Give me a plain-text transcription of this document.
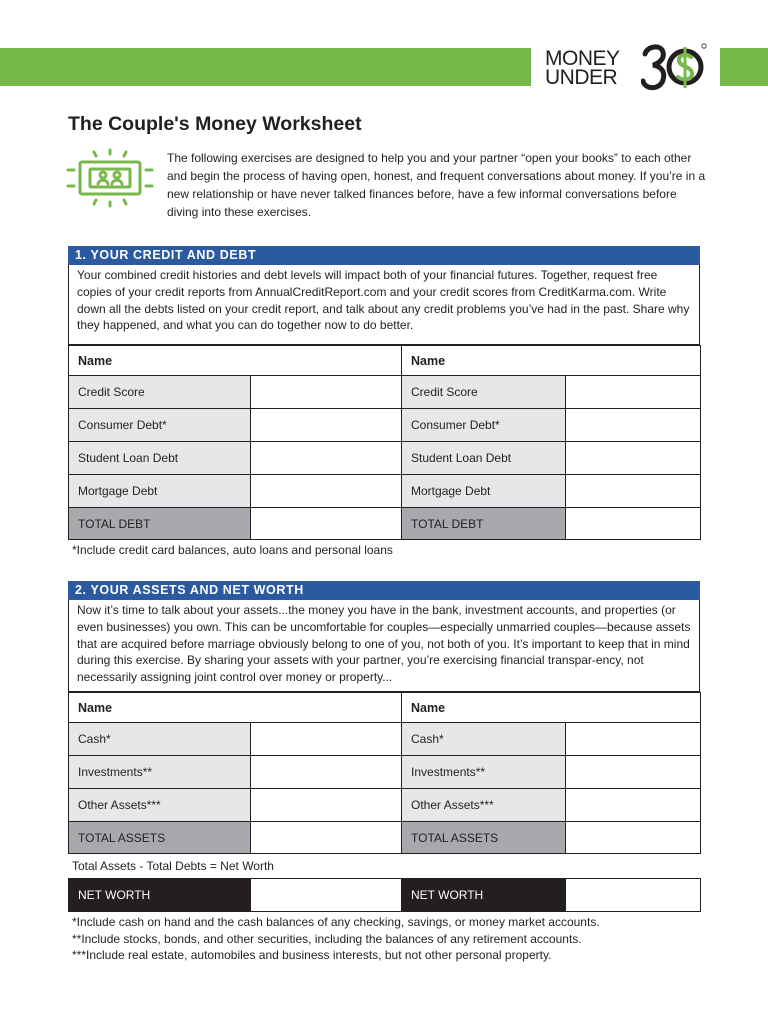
MONEY
UNDER
The Couple's Money Worksheet
The following exercises are designed to help you and your partner “open your books” to each other and begin the process of having open, honest, and frequent conversations about money. If you’re in a new relationship or have never talked finances before, have a few informal conversations before diving into these exercises.
1. YOUR CREDIT AND DEBT
Your combined credit histories and debt levels will impact both of your financial futures. Together, request free copies of your credit reports from AnnualCreditReport.com and your credit scores from CreditKarma.com. Write down all the debts listed on your credit report, and talk about any credit problems you’ve had in the past. Share why they happened, and what you can do together now to do better.
Name		Name	
Credit Score		Credit Score	
Consumer Debt*		Consumer Debt*	
Student Loan Debt		Student Loan Debt	
Mortgage Debt		Mortgage Debt	
TOTAL DEBT		TOTAL DEBT	
*Include credit card balances, auto loans and personal loans
2. YOUR ASSETS AND NET WORTH
Now it’s time to talk about your assets...the money you have in the bank, investment accounts, and properties (or even businesses) you own. This can be uncomfortable for couples—especially unmarried couples—because assets that are acquired before marriage obviously belong to one of you, not both of you. It’s important to keep that in mind during this exercise. By sharing your assets with your partner, you’re exercising financial transpar-ency, not necessarily assigning joint control over money or property...
Name		Name	
Cash*		Cash*	
Investments**		Investments**	
Other Assets***		Other Assets***	
TOTAL ASSETS		TOTAL ASSETS	
Total Assets - Total Debts = Net Worth
NET WORTH		NET WORTH	
*Include cash on hand and the cash balances of any checking, savings, or money market accounts.
**Include stocks, bonds, and other securities, including the balances of any retirement accounts.
***Include real estate, automobiles and business interests, but not other personal property.
